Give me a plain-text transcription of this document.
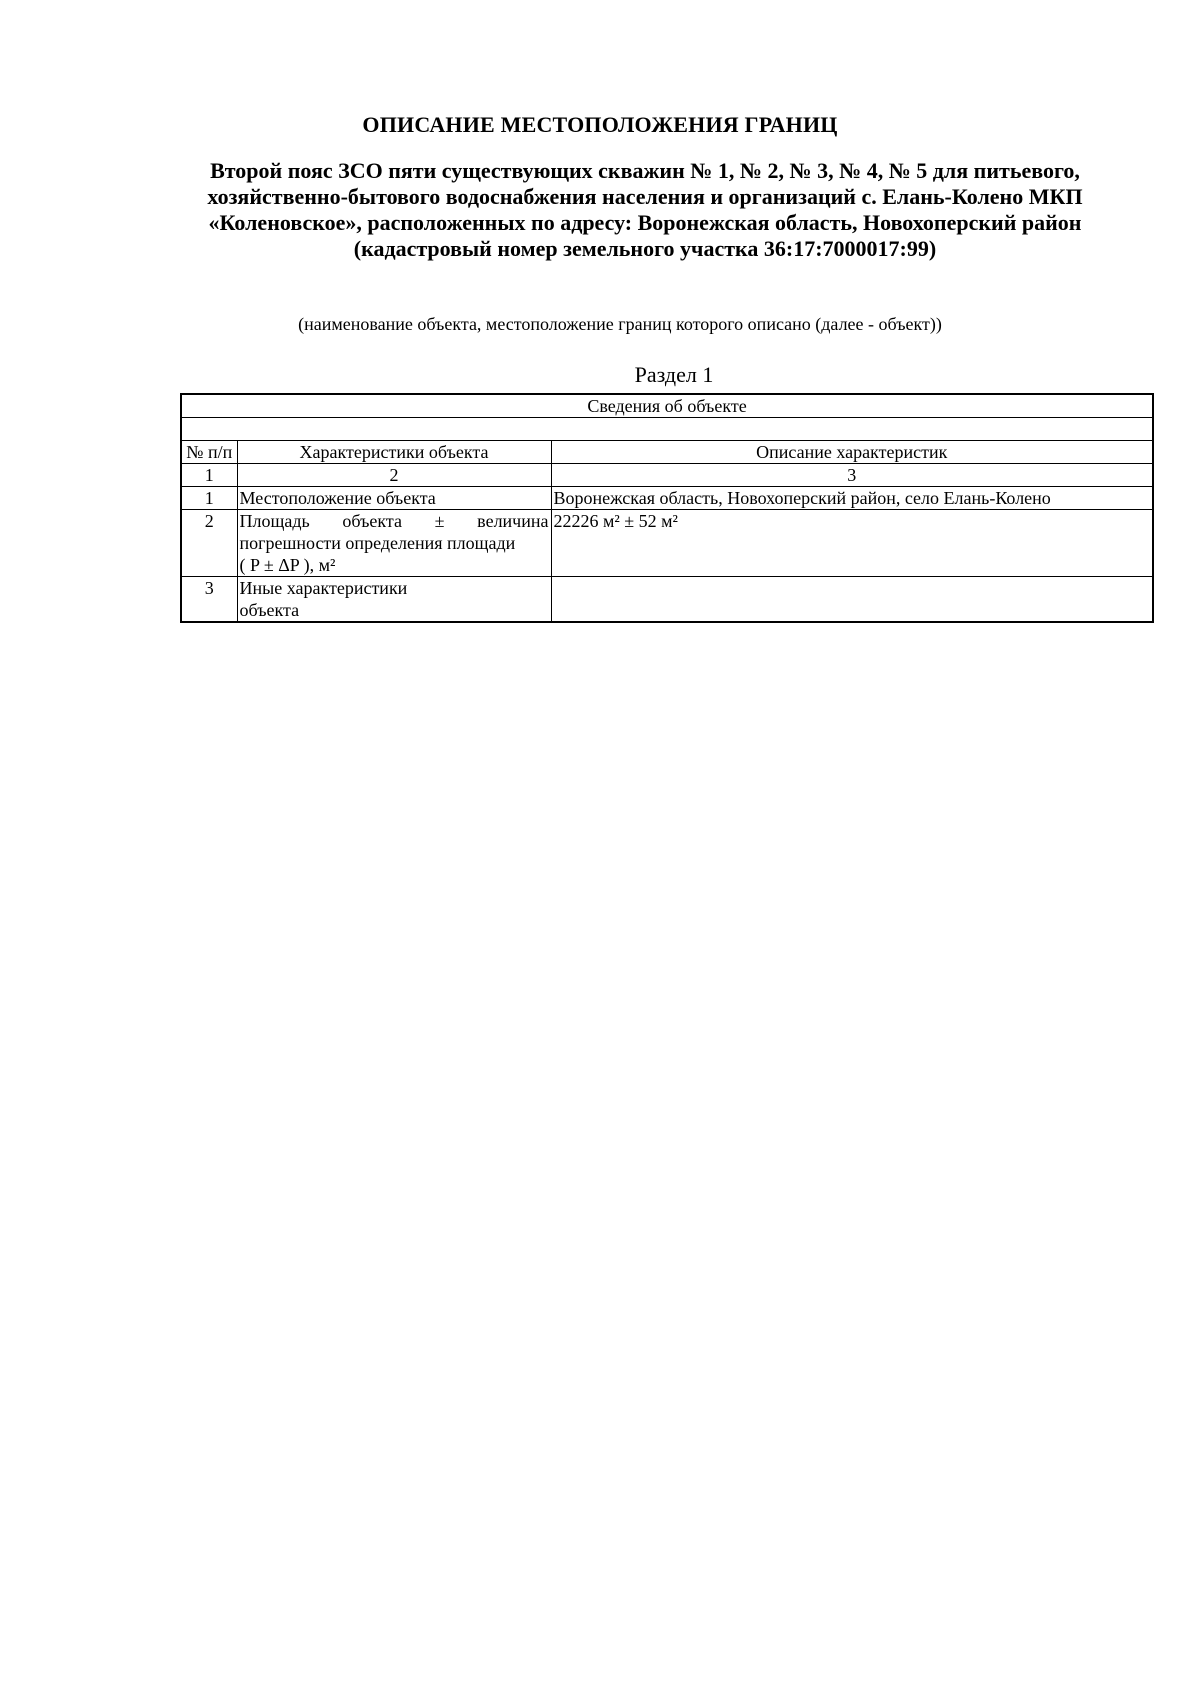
ОПИСАНИЕ МЕСТОПОЛОЖЕНИЯ ГРАНИЦ
Второй пояс ЗСО пяти существующих скважин № 1, № 2, № 3, № 4, № 5 для питьевого,
хозяйственно-бытового водоснабжения населения и организаций с. Елань-Колено МКП
«Коленовское», расположенных по адресу: Воронежская область, Новохоперский район
(кадастровый номер земельного участка 36:17:7000017:99)
(наименование объекта, местоположение границ которого описано (далее - объект))
Раздел 1
Сведения об объекте		

№ п/п	Характеристики объекта	Описание характеристик
1	2	3
1	Местоположение объекта	Воронежская область, Новохоперский район, село Елань-Колено
2	Площадь объекта ± величина
погрешности определения площади
( P ± ΔP ), м²	22226 м² ± 52 м²
3	Иные характеристики
объекта	
